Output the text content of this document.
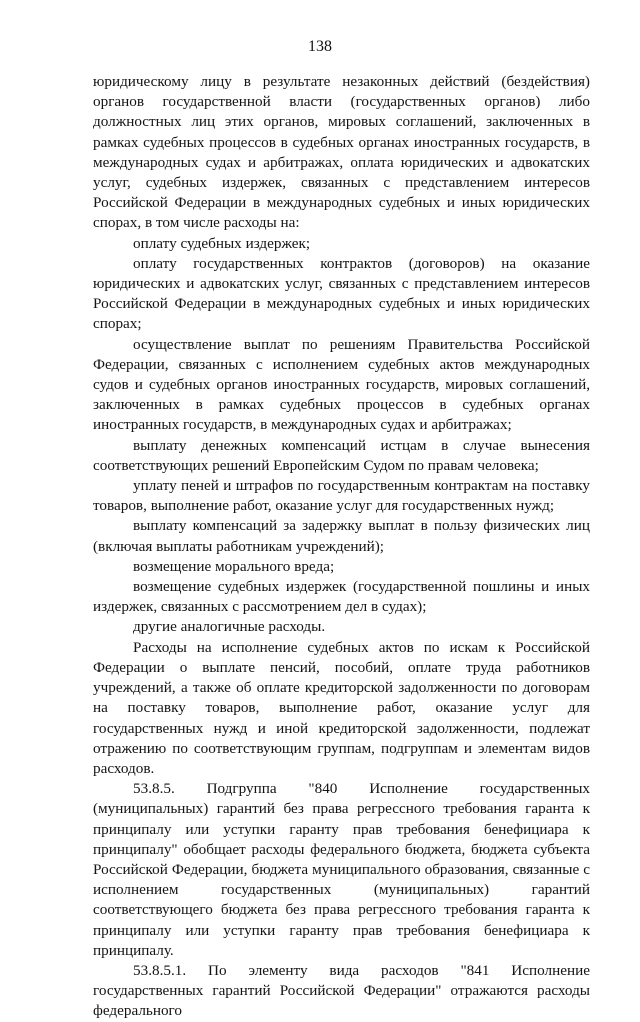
138

юридическому лицу в результате незаконных действий (бездействия) органов государственной власти (государственных органов) либо должностных лиц этих органов, мировых соглашений, заключенных в рамках судебных процессов в судебных органах иностранных государств, в международных судах и арбитражах, оплата юридических и адвокатских услуг, судебных издержек, связанных с представлением интересов Российской Федерации в международных судебных и иных юридических спорах, в том числе расходы на:

оплату судебных издержек;

оплату государственных контрактов (договоров) на оказание юридических и адвокатских услуг, связанных с представлением интересов Российской Федерации в международных судебных и иных юридических спорах;

осуществление выплат по решениям Правительства Российской Федерации, связанных с исполнением судебных актов международных судов и судебных органов иностранных государств, мировых соглашений, заключенных в рамках судебных процессов в судебных органах иностранных государств, в международных судах и арбитражах;

выплату денежных компенсаций истцам в случае вынесения соответствующих решений Европейским Судом по правам человека;

уплату пеней и штрафов по государственным контрактам на поставку товаров, выполнение работ, оказание услуг для государственных нужд;

выплату компенсаций за задержку выплат в пользу физических лиц (включая выплаты работникам учреждений);

возмещение морального вреда;

возмещение судебных издержек (государственной пошлины и иных издержек, связанных с рассмотрением дел в судах);

другие аналогичные расходы.

Расходы на исполнение судебных актов по искам к Российской Федерации о выплате пенсий, пособий, оплате труда работников учреждений, а также об оплате кредиторской задолженности по договорам на поставку товаров, выполнение работ, оказание услуг для государственных нужд и иной кредиторской задолженности, подлежат отражению по соответствующим группам, подгруппам и элементам видов расходов.

53.8.5. Подгруппа "840 Исполнение государственных (муниципальных) гарантий без права регрессного требования гаранта к принципалу или уступки гаранту прав требования бенефициара к принципалу" обобщает расходы федерального бюджета, бюджета субъекта Российской Федерации, бюджета муниципального образования, связанные с исполнением государственных (муниципальных) гарантий соответствующего бюджета без права регрессного требования гаранта к принципалу или уступки гаранту прав требования бенефициара к принципалу.

53.8.5.1. По элементу вида расходов "841 Исполнение государственных гарантий Российской Федерации" отражаются расходы федерального
